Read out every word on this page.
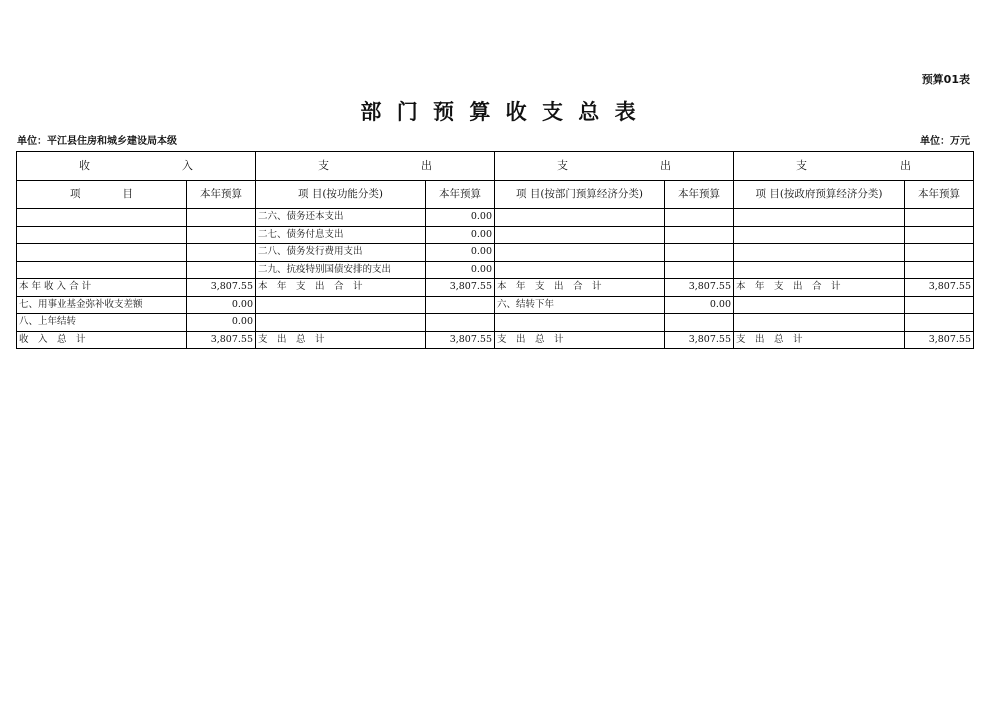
预算01表
部 门 预 算 收 支 总 表
单位：平江县住房和城乡建设局本级	单位：万元
收 入		支 出		支 出		支 出	

项 目	本年预算	项 目(按功能分类)	本年预算	项 目(按部门预算经济分类)	本年预算	项 目(按政府预算经济分类)	本年预算
		二六、债务还本支出	0.00				
		二七、债务付息支出	0.00				
		二八、债务发行费用支出	0.00				
		二九、抗疫特别国债安排的支出	0.00				
本 年 收 入 合 计	3,807.55	本　年　支　出　合　计	3,807.55	本　年　支　出　合　计	3,807.55	本　年　支　出　合　计	3,807.55
七、用事业基金弥补收支差额	0.00			六、结转下年	0.00		
八、上年结转	0.00						
收　入　总　计	3,807.55	支　出　总　计	3,807.55	支　出　总　计	3,807.55	支　出　总　计	3,807.55
